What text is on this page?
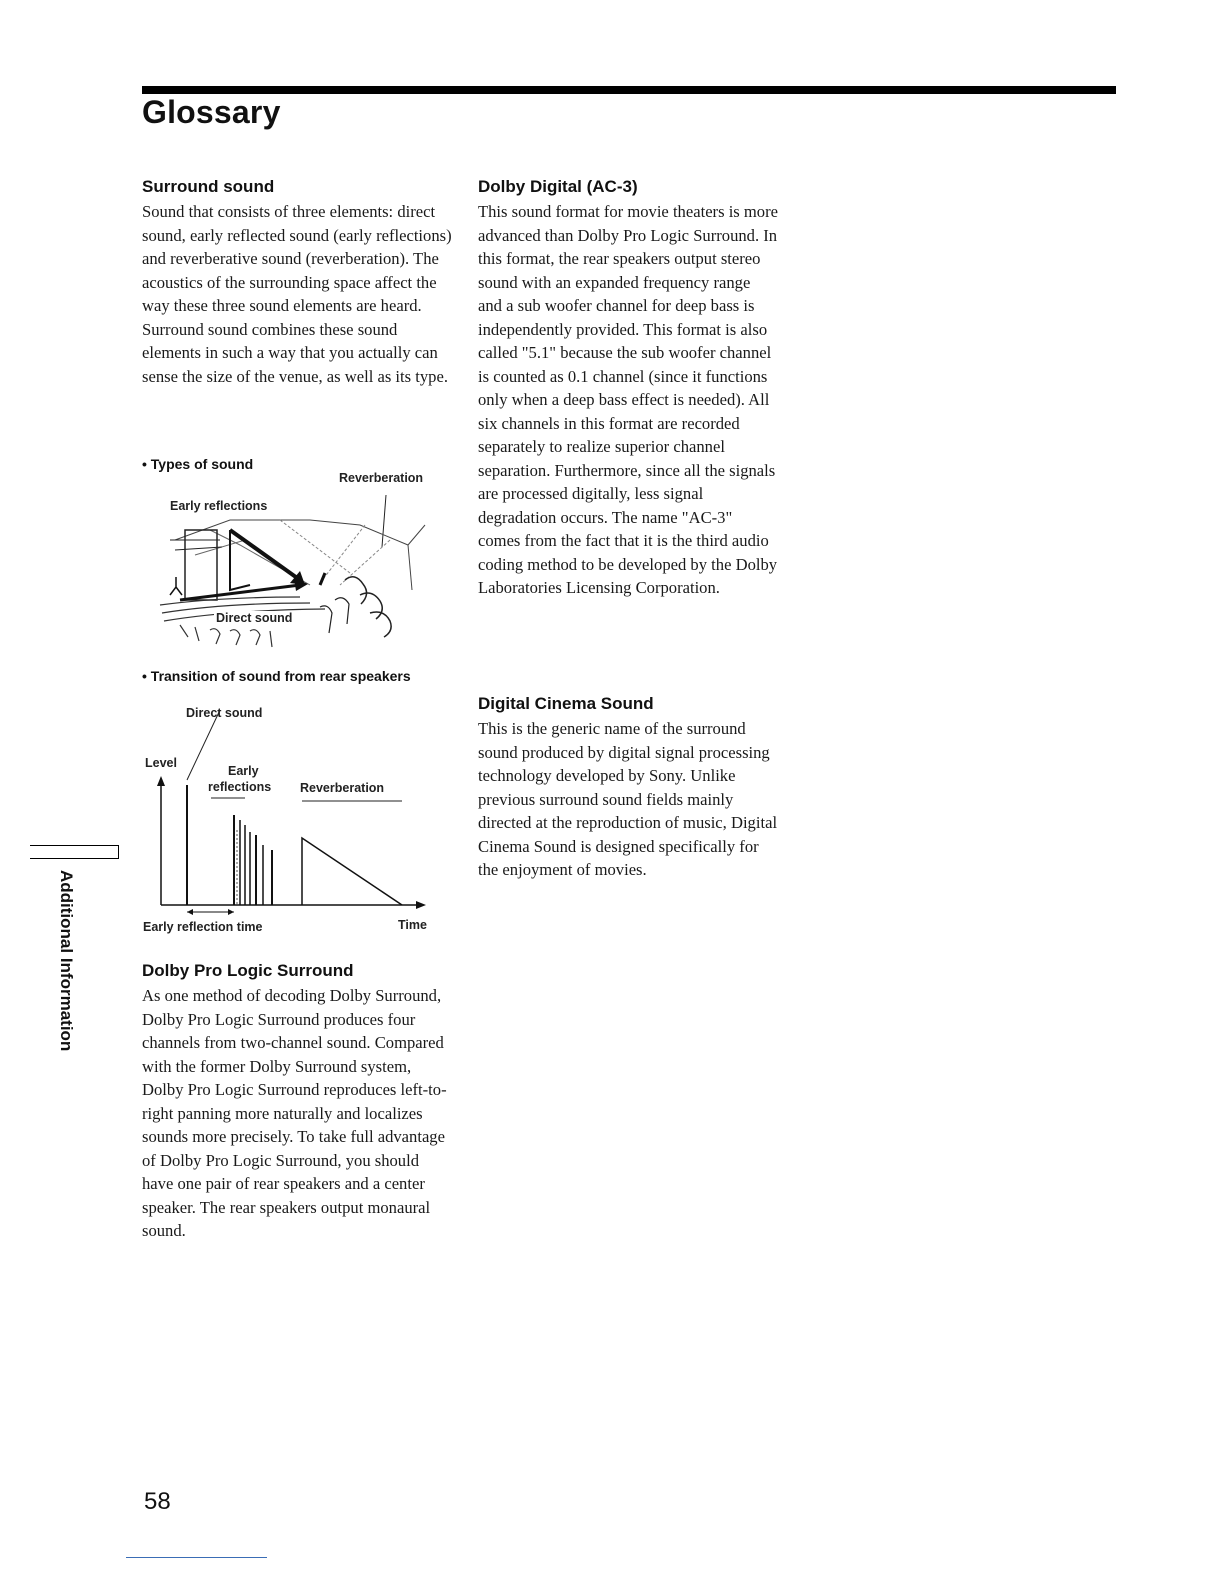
Glossary
Surround sound

Sound that consists of three elements: direct sound, early reflected sound (early reflections) and reverberative sound (reverberation). The acoustics of the surrounding space affect the way these three sound elements are heard. Surround sound combines these sound elements in such a way that you actually can sense the size of the venue, as well as its type.

• Types of sound
Reverberation
Early reflections
Direct sound
• Transition of sound from rear speakers
Direct sound
Level
Early
reflections Reverberation
Early reflection time	Time
Dolby Pro Logic Surround

As one method of decoding Dolby Surround, Dolby Pro Logic Surround produces four channels from two-channel sound. Compared with the former Dolby Surround system, Dolby Pro Logic Surround reproduces left-to-right panning more naturally and localizes sounds more precisely. To take full advantage of Dolby Pro Logic Surround, you should have one pair of rear speakers and a center speaker. The rear speakers output monaural sound.

Dolby Digital (AC-3)

This sound format for movie theaters is more advanced than Dolby Pro Logic Surround. In this format, the rear speakers output stereo sound with an expanded frequency range and a sub woofer channel for deep bass is independently provided. This format is also called "5.1" because the sub woofer channel is counted as 0.1 channel (since it functions only when a deep bass effect is needed). All six channels in this format are recorded separately to realize superior channel separation. Furthermore, since all the signals are processed digitally, less signal degradation occurs. The name "AC-3" comes from the fact that it is the third audio coding method to be developed by the Dolby Laboratories Licensing Corporation.

Digital Cinema Sound

This is the generic name of the surround sound produced by digital signal processing technology developed by Sony. Unlike previous surround sound fields mainly directed at the reproduction of music, Digital Cinema Sound is designed specifically for the enjoyment of movies.

Additional Information
58
